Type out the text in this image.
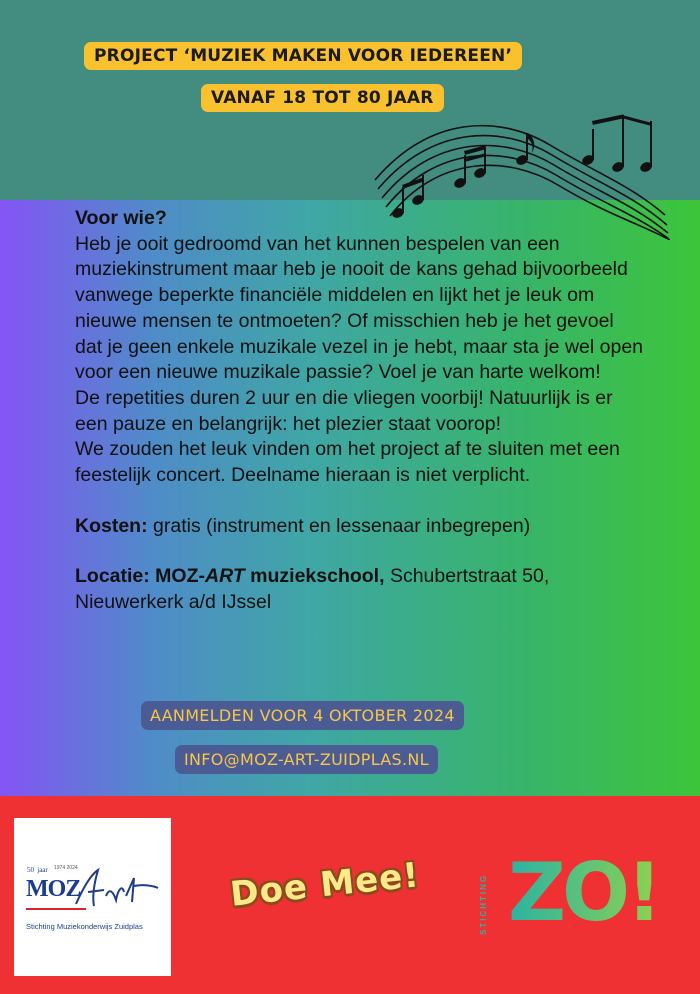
PROJECT ‘MUZIEK MAKEN VOOR IEDEREEN’
VANAF 18 TOT 80 JAAR

Voor wie?

Heb je ooit gedroomd van het kunnen bespelen van een muziekinstrument maar heb je nooit de kans gehad bijvoorbeeld vanwege beperkte financiële middelen en lijkt het je leuk om nieuwe mensen te ontmoeten? Of misschien heb je het gevoel dat je geen enkele muzikale vezel in je hebt, maar sta je wel open voor een nieuwe muzikale passie? Voel je van harte welkom!

De repetities duren 2 uur en die vliegen voorbij! Natuurlijk is er een pauze en belangrijk: het plezier staat voorop!

We zouden het leuk vinden om het project af te sluiten met een feestelijk concert. Deelname hieraan is niet verplicht.

Kosten: gratis (instrument en lessenaar inbegrepen)

Locatie: MOZ-ART muziekschool, Schubertstraat 50, Nieuwerkerk a/d IJssel

AANMELDEN VOOR 4 OKTOBER 2024
INFO@MOZ-ART-ZUIDPLAS.NL
50 jaar 1974 2024
MOZ
Stichting Muziekonderwijs Zuidplas
Doe Mee!	STICHTING ZO!
